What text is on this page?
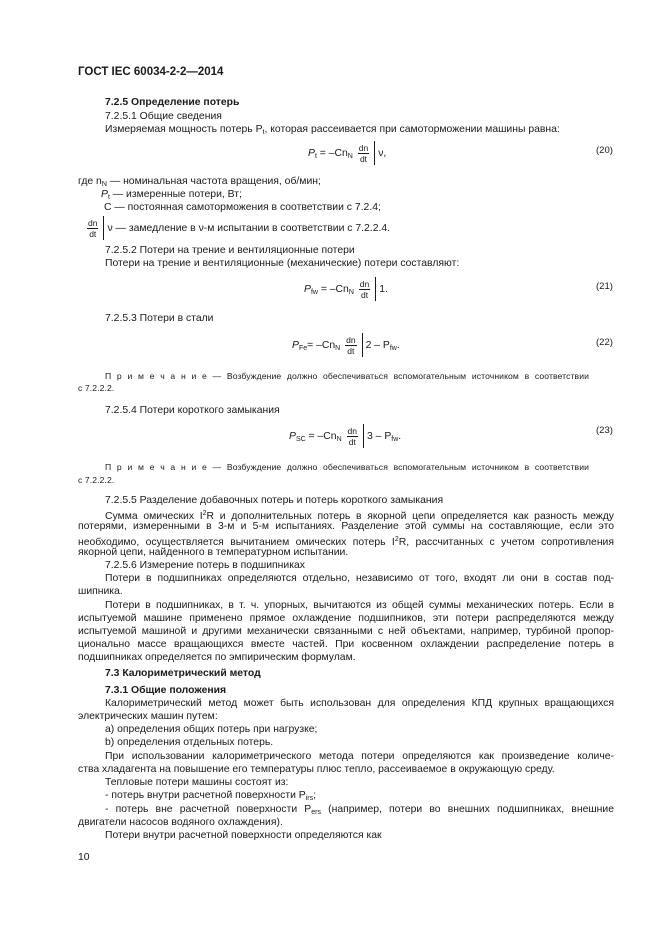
ГОСТ IEC 60034-2-2—2014
7.2.5 Определение потерь
7.2.5.1 Общие сведения
Измеряемая мощность потерь $P_t$, которая рассеивается при самоторможении машины равна:
$P_t = -Cn_N \frac{dn}{dt} \nu$,	(20)
где $n_N$ — номинальная частота вращения, об/мин;
$P_t$ — измеренные потери, Вт;
C — постоянная самоторможения в соответствии с 7.2.4;
$\frac{dn}{dt}$ ν — замедление в ν-м испытании в соответствии с 7.2.2.4.
7.2.5.2 Потери на трение и вентиляционные потери
Потери на трение и вентиляционные (механические) потери составляют:
$P_{fw} = -Cn_N \frac{dn}{dt} 1$.	(21)
7.2.5.3 Потери в стали
$P_{Fe}= -Cn_N \frac{dn}{dt} 2 - P_{fw}$.	(22)
П р и м е ч а н и е — Возбуждение должно обеспечиваться вспомогательным источником в соответствии
с 7.2.2.2.
7.2.5.4 Потери короткого замыкания
$P_{SC} = -Cn_N \frac{dn}{dt} 3 - P_{fw}$.
(23)
П р и м е ч а н и е — Возбуждение должно обеспечиваться вспомогательным источником в соответствии
с 7.2.2.2.
7.2.5.5 Разделение добавочных потерь и потерь короткого замыкания
Сумма омических $I^2R$ и дополнительных потерь в якорной цепи определяется как разность между
потерями, измеренными в 3-м и 5-м испытаниях. Разделение этой суммы на составляющие, если это
необходимо, осуществляется вычитанием омических потерь $I^2R$, рассчитанных с учетом сопротивления
якорной цепи, найденного в температурном испытании.
7.2.5.6 Измерение потерь в подшипниках
Потери в подшипниках определяются отдельно, независимо от того, входят ли они в состав под-
шипника.
Потери в подшипниках, в т. ч. упорных, вычитаются из общей суммы механических потерь. Если в
испытуемой машине применено прямое охлаждение подшипников, эти потери распределяются между
испытуемой машиной и другими механически связанными с ней объектами, например, турбиной пропор-
ционально массе вращающихся вместе частей. При косвенном охлаждении распределение потерь в
подшипниках определяется по эмпирическим формулам.
7.3 Калориметрический метод
7.3.1 Общие положения
Калориметрический метод может быть использован для определения КПД крупных вращающихся
электрических машин путем:
a) определения общих потерь при нагрузке;
b) определения отдельных потерь.
При использовании калориметрического метода потери определяются как произведение количе-
ства хладагента на повышение его температуры плюс тепло, рассеиваемое в окружающую среду.
Тепловые потери машины состоят из:
- потерь внутри расчетной поверхности $P_{irs}$;
- потерь вне расчетной поверхности $P_{ers}$ (например, потери во внешних подшипниках, внешние
двигатели насосов водяного охлаждения).
Потери внутри расчетной поверхности определяются как
10
